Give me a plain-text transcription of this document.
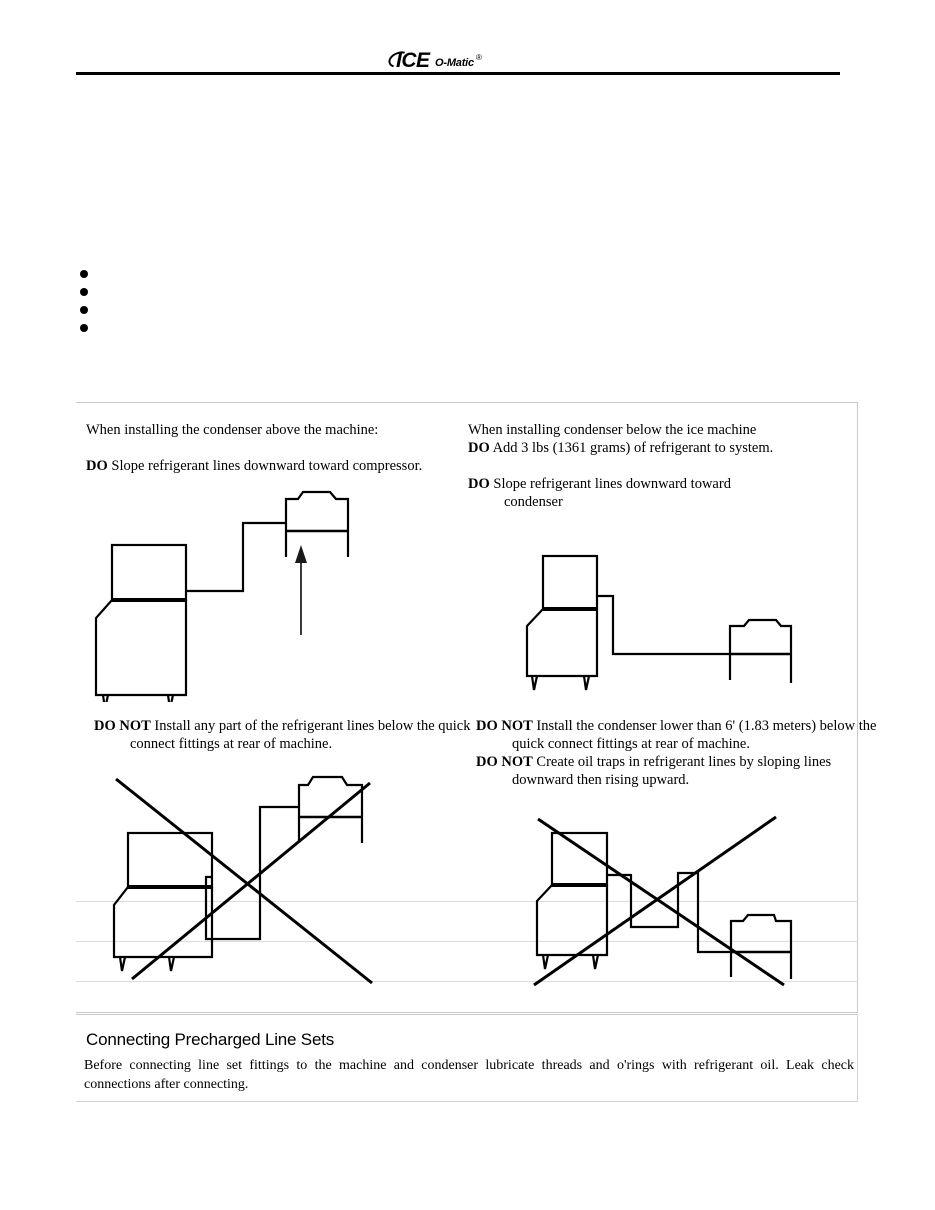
ICE O-Matic ®
When installing the condenser above the machine:
DO Slope refrigerant lines downward toward compressor.
DO NOT Install any part of the refrigerant lines below the quick connect fittings at rear of machine.
When installing condenser below the ice machine
DO Add 3 lbs (1361 grams) of refrigerant to system.
DO Slope refrigerant lines downward toward condenser
DO NOT Install the condenser lower than 6' (1.83 meters) below the quick connect fittings at rear of machine.
DO NOT Create oil traps in refrigerant lines by sloping lines downward then rising upward.
Connecting Precharged Line Sets
Before connecting line set fittings to the machine and condenser lubricate threads and o'rings with refrigerant oil. Leak check connections after connecting.
